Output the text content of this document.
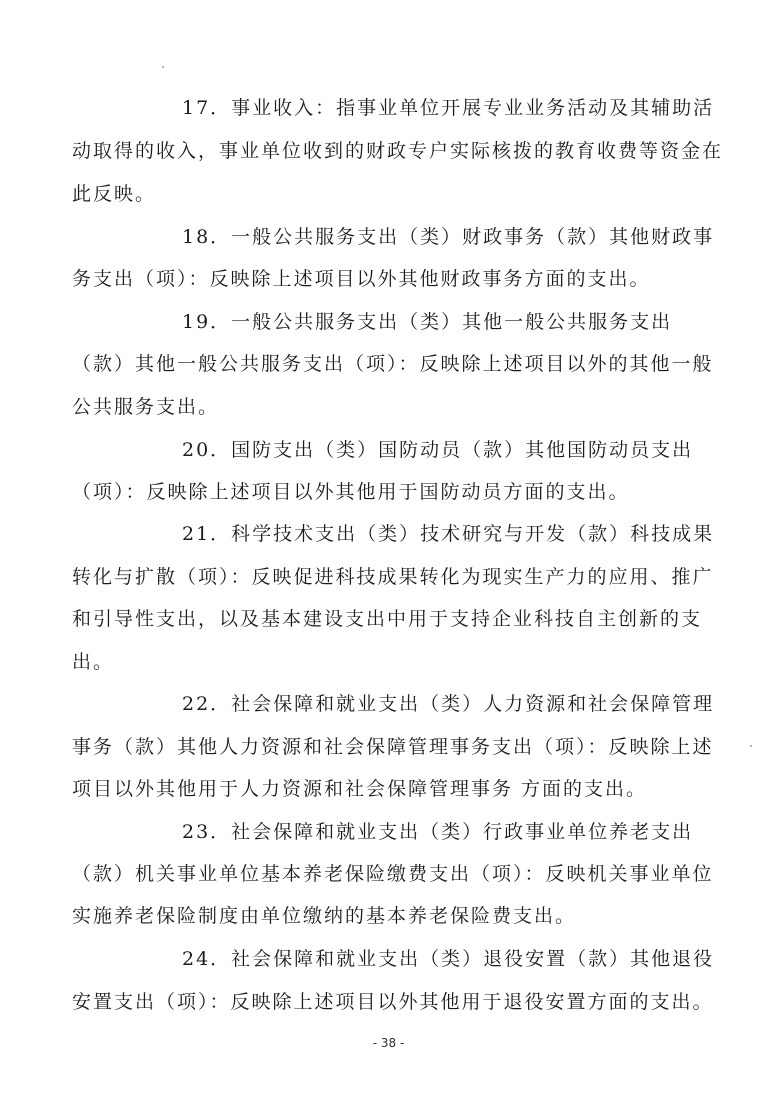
17．事业收入：指事业单位开展专业业务活动及其辅助活
动取得的收入，事业单位收到的财政专户实际核拨的教育收费等资金在
此反映。
18．一般公共服务支出（类）财政事务（款）其他财政事
务支出（项）：反映除上述项目以外其他财政事务方面的支出。
19．一般公共服务支出（类）其他一般公共服务支出
（款）其他一般公共服务支出（项）：反映除上述项目以外的其他一般
公共服务支出。
20．国防支出（类）国防动员（款）其他国防动员支出
（项）：反映除上述项目以外其他用于国防动员方面的支出。
21．科学技术支出（类）技术研究与开发（款）科技成果
转化与扩散（项）：反映促进科技成果转化为现实生产力的应用、推广
和引导性支出，以及基本建设支出中用于支持企业科技自主创新的支
出。
22．社会保障和就业支出（类）人力资源和社会保障管理
事务（款）其他人力资源和社会保障管理事务支出（项）：反映除上述
项目以外其他用于人力资源和社会保障管理事务 方面的支出。
23．社会保障和就业支出（类）行政事业单位养老支出
（款）机关事业单位基本养老保险缴费支出（项）：反映机关事业单位
实施养老保险制度由单位缴纳的基本养老保险费支出。
24．社会保障和就业支出（类）退役安置（款）其他退役
安置支出（项）：反映除上述项目以外其他用于退役安置方面的支出。
- 38 -
